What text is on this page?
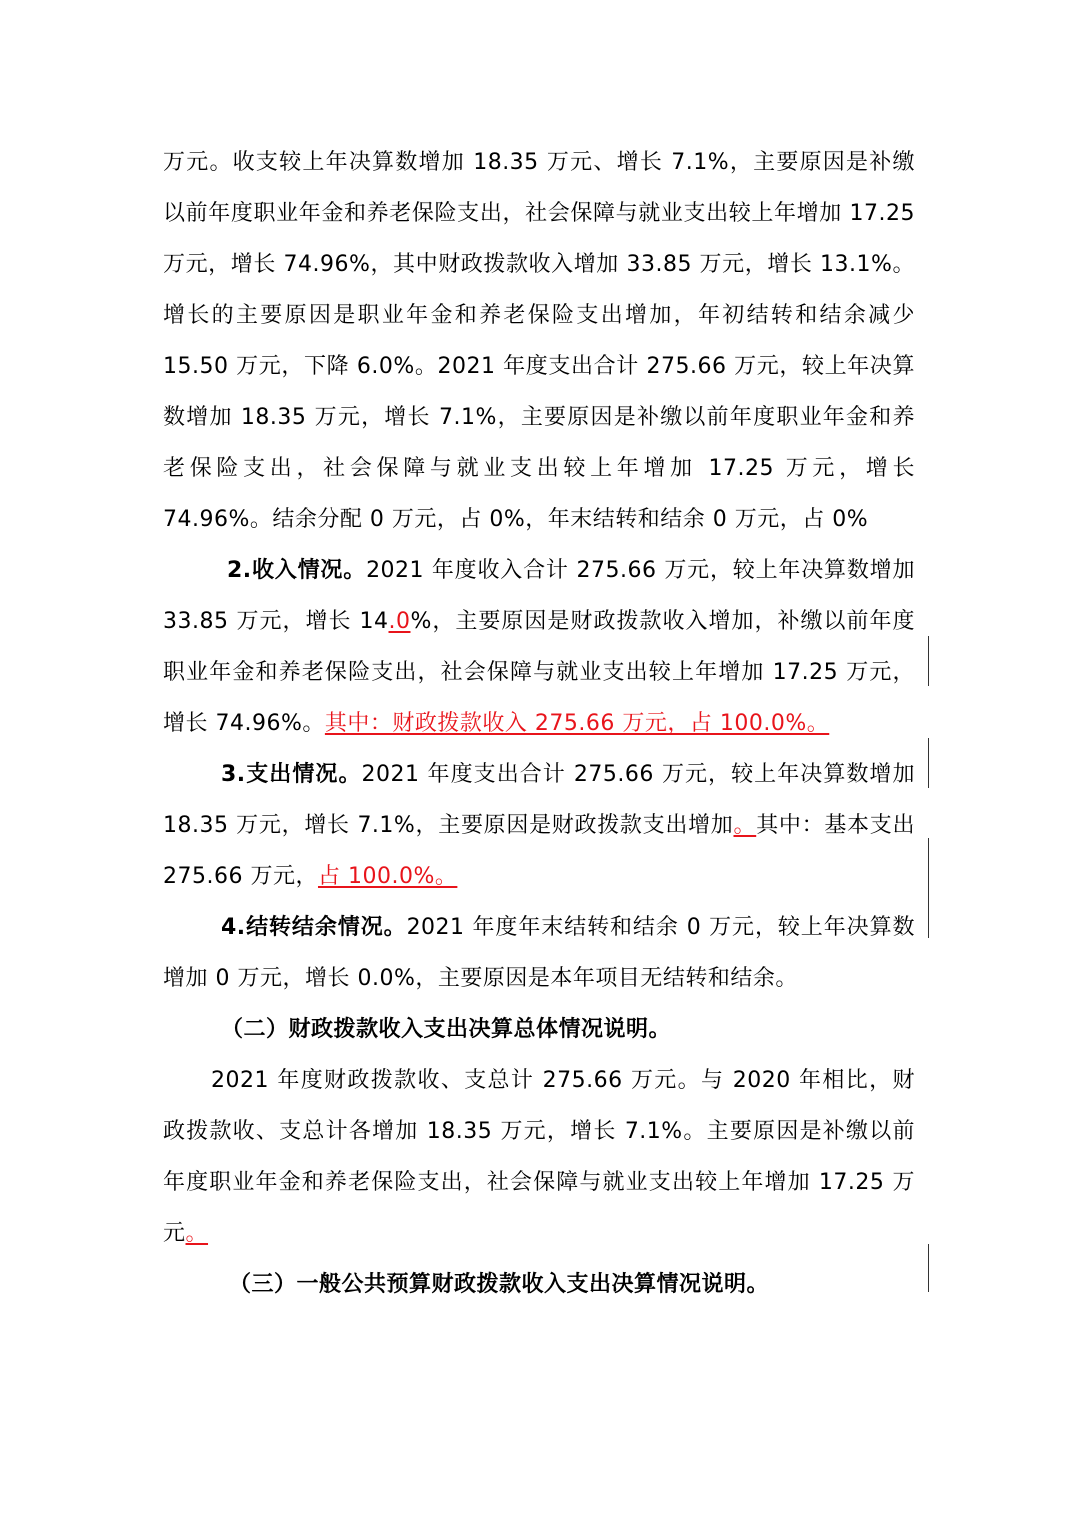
万元。收支较上年决算数增加 18.35 万元、增长 7.1%，主要原因是补缴以前年度职业年金和养老保险支出，社会保障与就业支出较上年增加 17.25 万元，增长 74.96%，其中财政拨款收入增加 33.85 万元，增长 13.1%。增长的主要原因是职业年金和养老保险支出增加，年初结转和结余减少 15.50 万元，下降 6.0%。2021 年度支出合计 275.66 万元，较上年决算数增加 18.35 万元，增长 7.1%，主要原因是补缴以前年度职业年金和养老保险支出，社会保障与就业支出较上年增加 17.25 万元，增长 74.96%。结余分配 0 万元，占 0%，年末结转和结余 0 万元，占 0%

2.收入情况。2021 年度收入合计 275.66 万元，较上年决算数增加 33.85 万元，增长 14.0%，主要原因是财政拨款收入增加，补缴以前年度职业年金和养老保险支出，社会保障与就业支出较上年增加 17.25 万元，增长 74.96%。其中：财政拨款收入 275.66 万元，占 100.0%。

3.支出情况。2021 年度支出合计 275.66 万元，较上年决算数增加 18.35 万元，增长 7.1%，主要原因是财政拨款支出增加。其中：基本支出 275.66 万元，占 100.0%。

4.结转结余情况。2021 年度年末结转和结余 0 万元，较上年决算数增加 0 万元，增长 0.0%，主要原因是本年项目无结转和结余。

（二）财政拨款收入支出决算总体情况说明。

2021 年度财政拨款收、支总计 275.66 万元。与 2020 年相比，财政拨款收、支总计各增加 18.35 万元，增长 7.1%。主要原因是补缴以前年度职业年金和养老保险支出，社会保障与就业支出较上年增加 17.25 万元。

（三）一般公共预算财政拨款收入支出决算情况说明。
